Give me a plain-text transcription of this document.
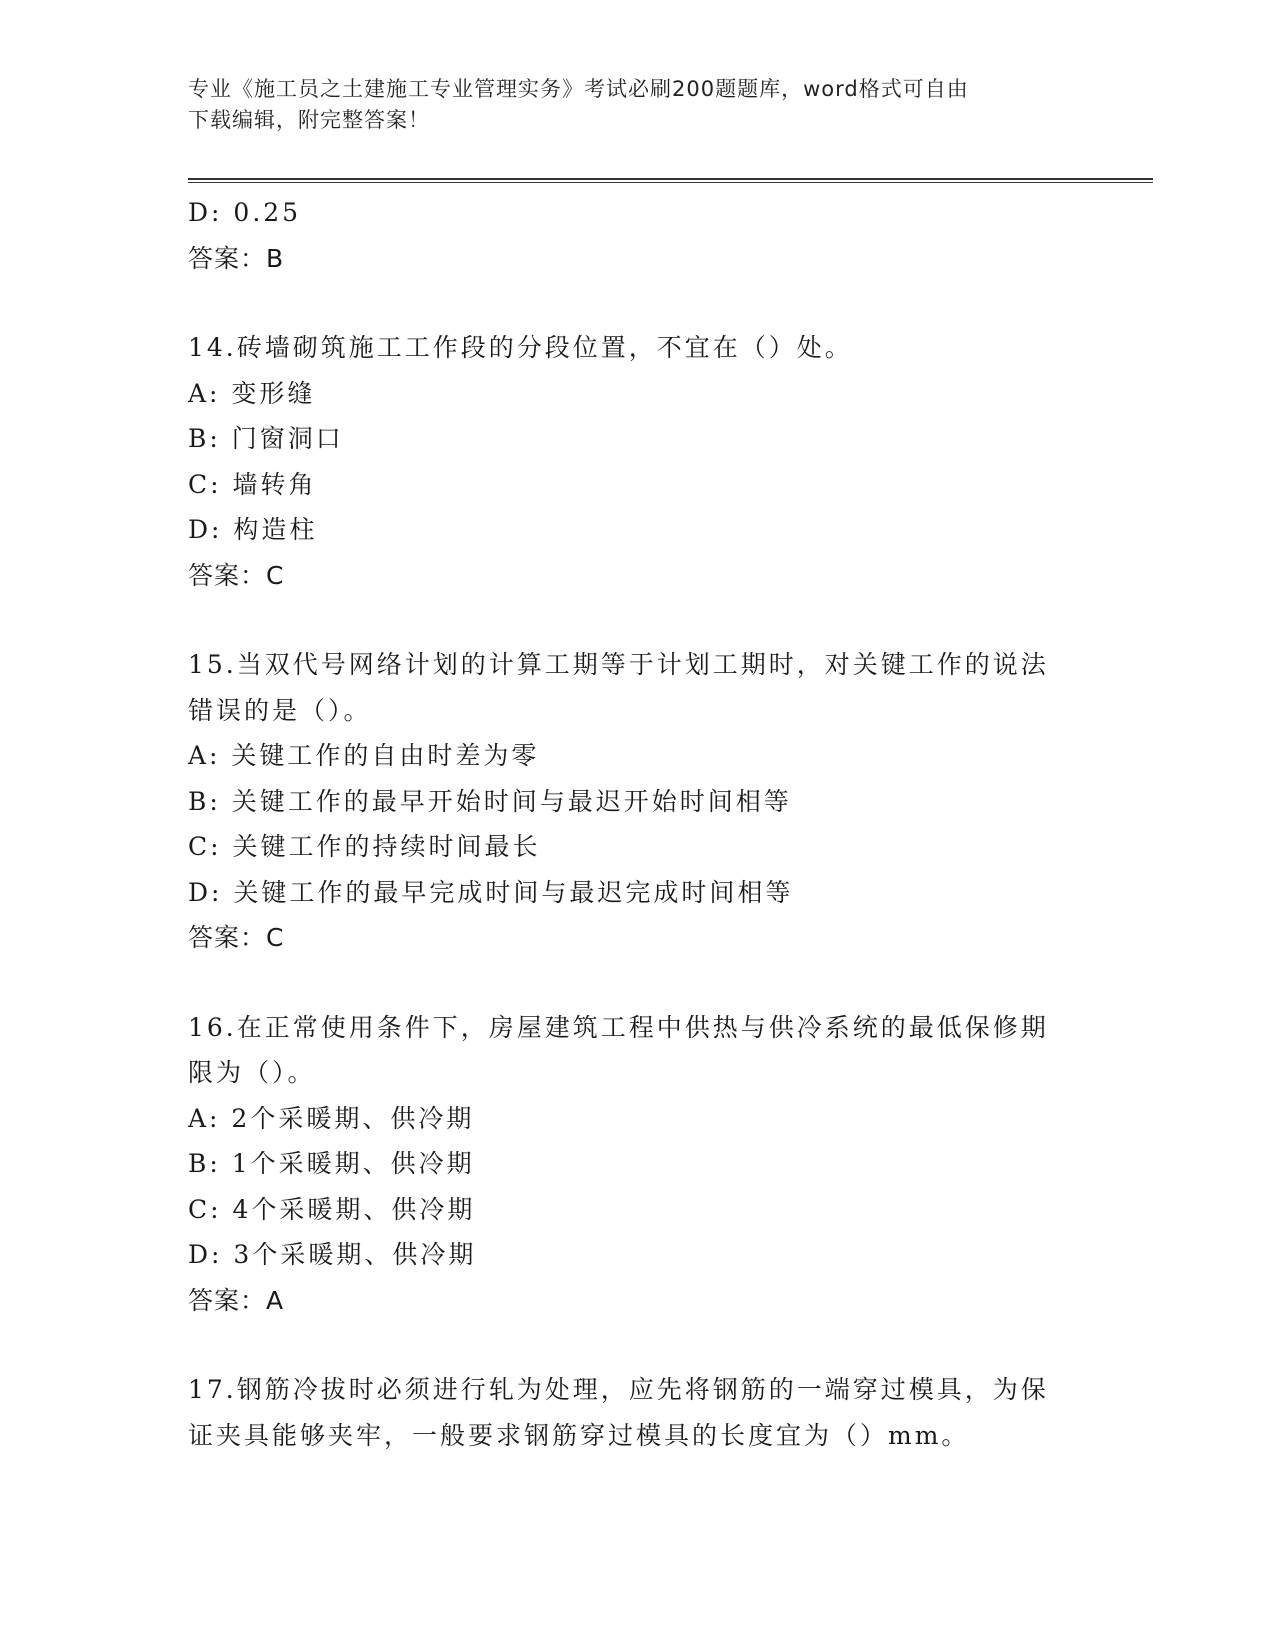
专业《施工员之土建施工专业管理实务》考试必刷200题题库，word格式可自由
下载编辑，附完整答案！
D: 0.25
答案：B
14.砖墙砌筑施工工作段的分段位置，不宜在（）处。
A: 变形缝
B: 门窗洞口
C: 墙转角
D: 构造柱
答案：C
15.当双代号网络计划的计算工期等于计划工期时，对关键工作的说法
错误的是（）。
A: 关键工作的自由时差为零
B: 关键工作的最早开始时间与最迟开始时间相等
C: 关键工作的持续时间最长
D: 关键工作的最早完成时间与最迟完成时间相等
答案：C
16.在正常使用条件下，房屋建筑工程中供热与供冷系统的最低保修期
限为（）。
A: 2个采暖期、供冷期
B: 1个采暖期、供冷期
C: 4个采暖期、供冷期
D: 3个采暖期、供冷期
答案：A
17.钢筋冷拔时必须进行轧为处理，应先将钢筋的一端穿过模具，为保
证夹具能够夹牢，一般要求钢筋穿过模具的长度宜为（）mm。
